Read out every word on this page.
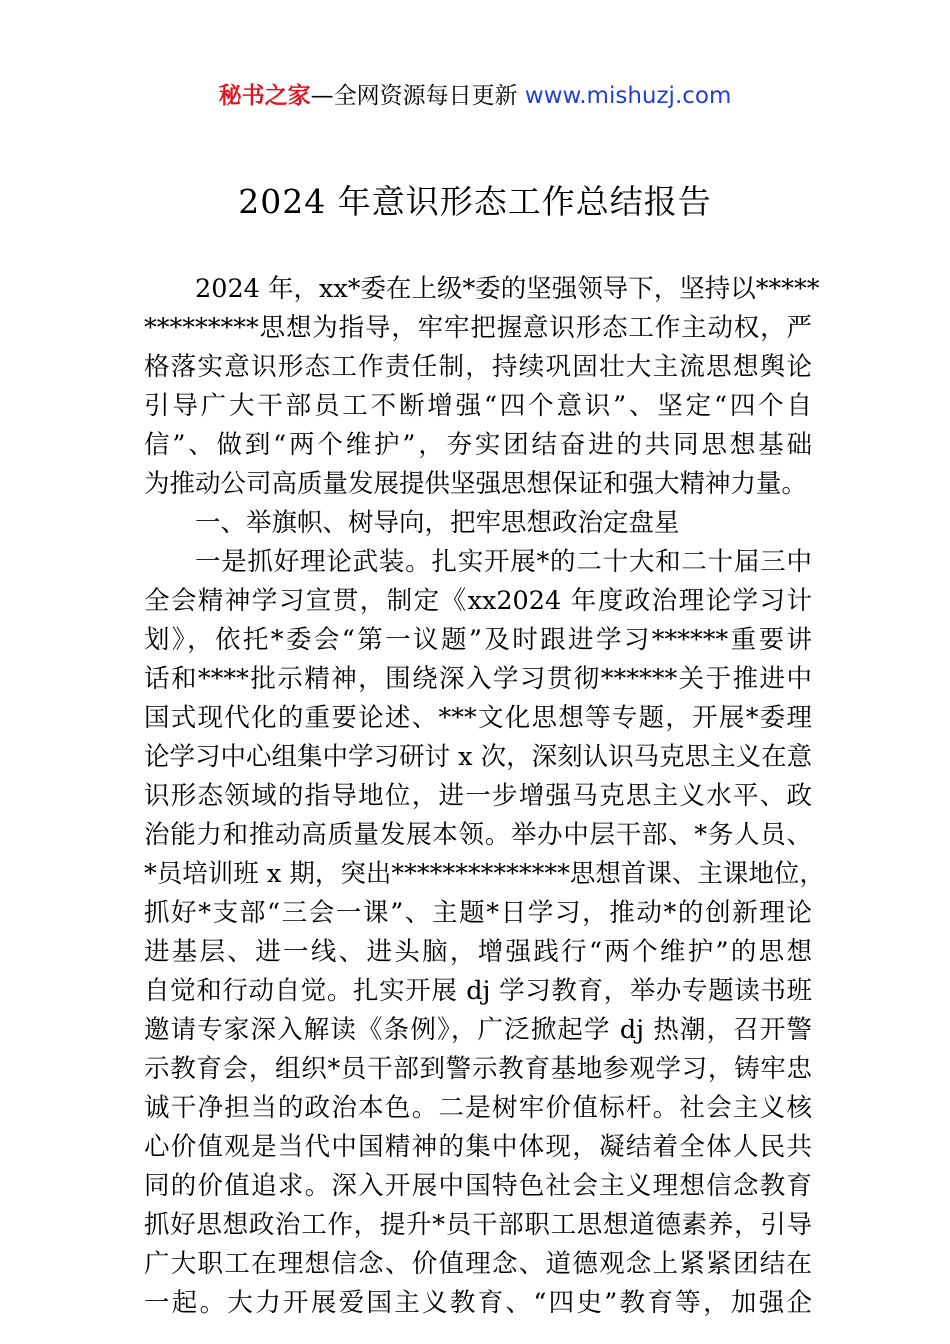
秘书之家—全网资源每日更新 www.mishuzj.com
2024 年意识形态工作总结报告
2024 年，xx*委在上级*委的坚强领导下，坚持以*****
*********思想为指导，牢牢把握意识形态工作主动权，严
格落实意识形态工作责任制，持续巩固壮大主流思想舆论
引导广大干部员工不断增强“四个意识”、坚定“四个自
信”、做到“两个维护”，夯实团结奋进的共同思想基础
为推动公司高质量发展提供坚强思想保证和强大精神力量。
一、举旗帜、树导向，把牢思想政治定盘星
一是抓好理论武装。扎实开展*的二十大和二十届三中
全会精神学习宣贯，制定《xx2024 年度政治理论学习计
划》，依托*委会“第一议题”及时跟进学习******重要讲
话和****批示精神，围绕深入学习贯彻******关于推进中
国式现代化的重要论述、***文化思想等专题，开展*委理
论学习中心组集中学习研讨 x 次，深刻认识马克思主义在意
识形态领域的指导地位，进一步增强马克思主义水平、政
治能力和推动高质量发展本领。举办中层干部、*务人员、
*员培训班 x 期，突出**************思想首课、主课地位，
抓好*支部“三会一课”、主题*日学习，推动*的创新理论
进基层、进一线、进头脑，增强践行“两个维护”的思想
自觉和行动自觉。扎实开展 dj 学习教育，举办专题读书班
邀请专家深入解读《条例》，广泛掀起学 dj 热潮，召开警
示教育会，组织*员干部到警示教育基地参观学习，铸牢忠
诚干净担当的政治本色。二是树牢价值标杆。社会主义核
心价值观是当代中国精神的集中体现，凝结着全体人民共
同的价值追求。深入开展中国特色社会主义理想信念教育
抓好思想政治工作，提升*员干部职工思想道德素养，引导
广大职工在理想信念、价值理念、道德观念上紧紧团结在
一起。大力开展爱国主义教育、“四史”教育等，加强企
